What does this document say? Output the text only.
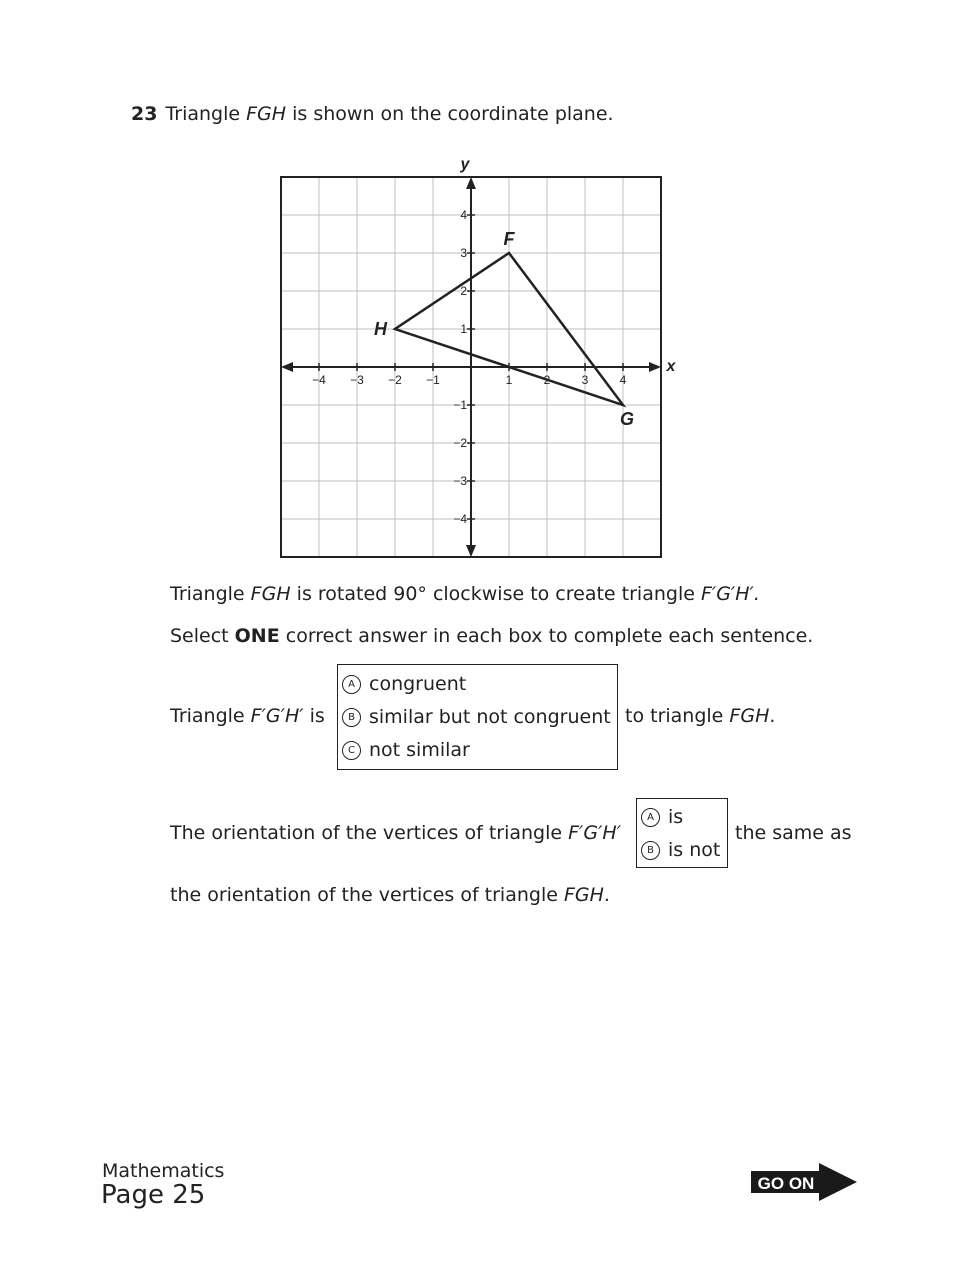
23 Triangle FGH is shown on the coordinate plane.
−4 −3 −2 −1	1	2	3	4
4
3
2
1
−1
−2
−3
−4
F
G
H
y
x
Triangle FGH is rotated 90° clockwise to create triangle F′G′H′.
Select ONE correct answer in each box to complete each sentence.
Triangle F′G′H′ is
A congruent
B similar but not congruent
C not similar
to triangle FGH.
The orientation of the vertices of triangle F′G′H′
A is
B is not
the same as
the orientation of the vertices of triangle FGH.
Mathematics
Page 25	GO ON
